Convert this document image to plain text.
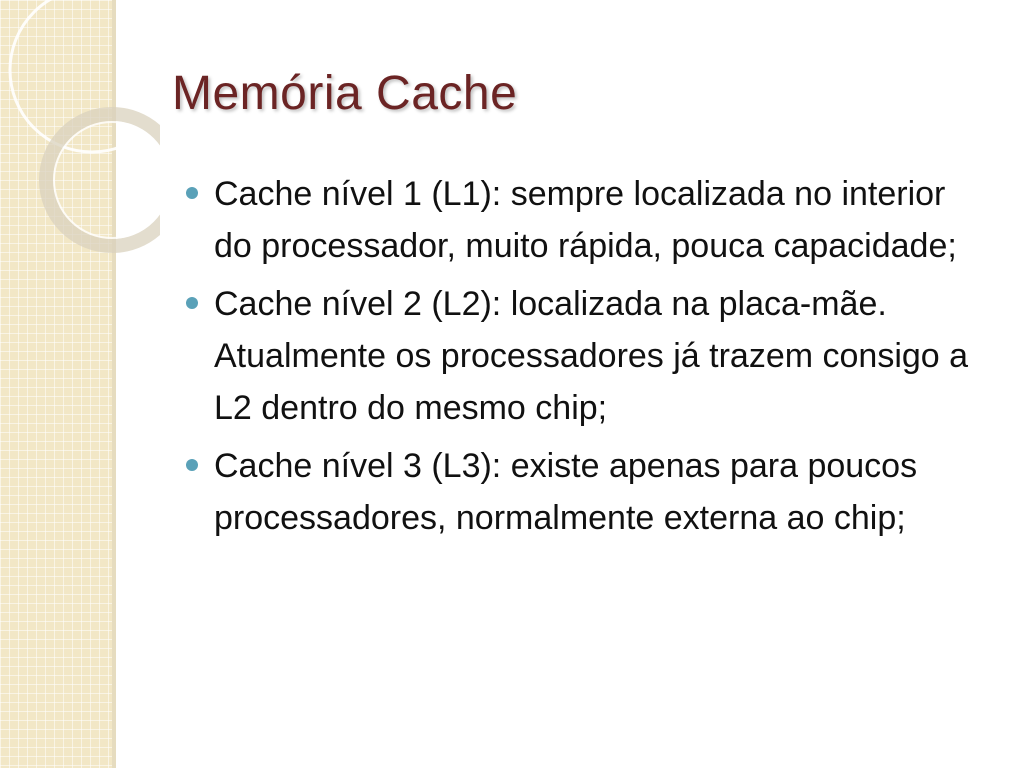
Memória Cache
Cache nível 1 (L1): sempre localizada no interior do processador, muito rápida, pouca capacidade;
Cache nível 2 (L2): localizada na placa-mãe. Atualmente os processadores já trazem consigo a L2 dentro do mesmo chip;
Cache nível 3 (L3): existe apenas para poucos processadores, normalmente externa ao chip;
